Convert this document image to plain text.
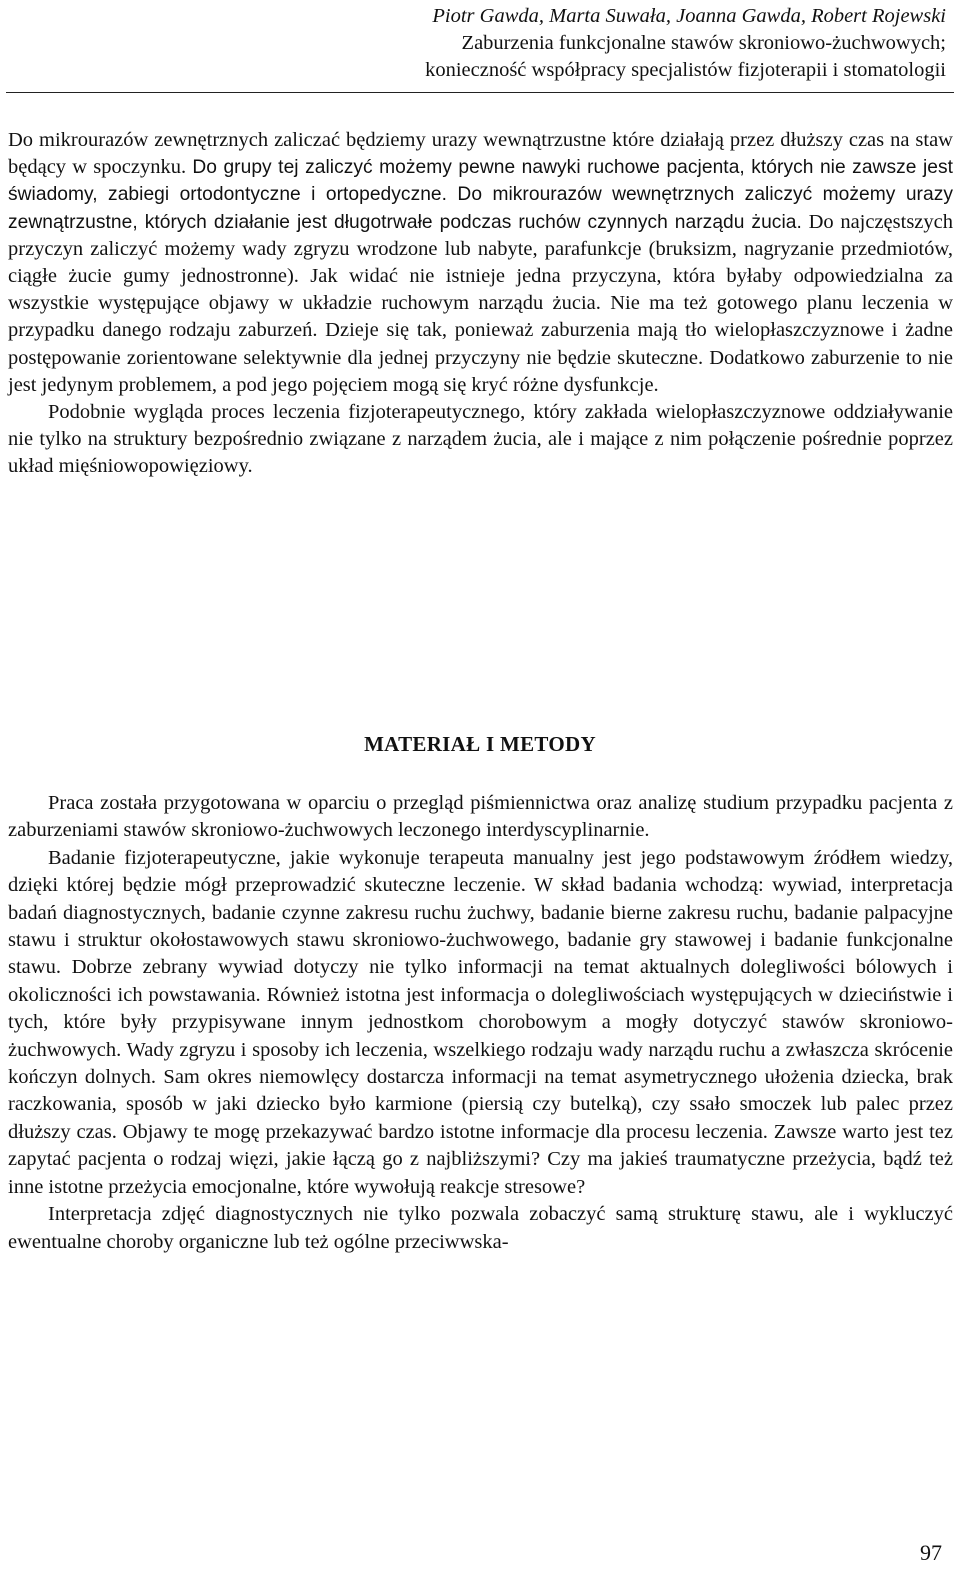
Piotr Gawda, Marta Suwała, Joanna Gawda, Robert Rojewski
Zaburzenia funkcjonalne stawów skroniowo-żuchwowych;
konieczność współpracy specjalistów fizjoterapii i stomatologii

Do mikrourazów zewnętrznych zaliczać będziemy urazy wewnątrzustne które działają przez dłuższy czas na staw będący w spoczynku. Do grupy tej zaliczyć możemy pewne nawyki ruchowe pacjenta, których nie zawsze jest świadomy, zabiegi ortodontyczne i ortopedyczne. Do mikrourazów wewnętrznych zaliczyć możemy urazy zewnątrzustne, których działanie jest długotrwałe podczas ruchów czynnych narządu żucia. Do najczęstszych przyczyn zaliczyć możemy wady zgryzu wrodzone lub nabyte, parafunkcje (bruksizm, nagryzanie przedmiotów, ciągłe żucie gumy jednostronne). Jak widać nie istnieje jedna przyczyna, która byłaby odpowiedzialna za wszystkie występujące objawy w układzie ruchowym narządu żucia. Nie ma też gotowego planu leczenia w przypadku danego rodzaju zaburzeń. Dzieje się tak, ponieważ zaburzenia mają tło wielopłaszczyznowe i żadne postępowanie zorientowane selektywnie dla jednej przyczyny nie będzie skuteczne. Dodatkowo zaburzenie to nie jest jedynym problemem, a pod jego pojęciem mogą się kryć różne dysfunkcje.

Podobnie wygląda proces leczenia fizjoterapeutycznego, który zakłada wielopłaszczyznowe oddziaływanie nie tylko na struktury bezpośrednio związane z narządem żucia, ale i mające z nim połączenie pośrednie poprzez układ mięśniowopowięziowy.

MATERIAŁ I METODY

Praca została przygotowana w oparciu o przegląd piśmiennictwa oraz analizę studium przypadku pacjenta z zaburzeniami stawów skroniowo-żuchwowych leczonego interdyscyplinarnie.

Badanie fizjoterapeutyczne, jakie wykonuje terapeuta manualny jest jego podstawowym źródłem wiedzy, dzięki której będzie mógł przeprowadzić skuteczne leczenie. W skład badania wchodzą: wywiad, interpretacja badań diagnostycznych, badanie czynne zakresu ruchu żuchwy, badanie bierne zakresu ruchu, badanie palpacyjne stawu i struktur okołostawowych stawu skroniowo-żuchwowego, badanie gry stawowej i badanie funkcjonalne stawu. Dobrze zebrany wywiad dotyczy nie tylko informacji na temat aktualnych dolegliwości bólowych i okoliczności ich powstawania. Również istotna jest informacja o dolegliwościach występujących w dzieciństwie i tych, które były przypisywane innym jednostkom chorobowym a mogły dotyczyć stawów skroniowo-żuchwowych. Wady zgryzu i sposoby ich leczenia, wszelkiego rodzaju wady narządu ruchu a zwłaszcza skrócenie kończyn dolnych. Sam okres niemowlęcy dostarcza informacji na temat asymetrycznego ułożenia dziecka, brak raczkowania, sposób w jaki dziecko było karmione (piersią czy butelką), czy ssało smoczek lub palec przez dłuższy czas. Objawy te mogę przekazywać bardzo istotne informacje dla procesu leczenia. Zawsze warto jest tez zapytać pacjenta o rodzaj więzi, jakie łączą go z najbliższymi? Czy ma jakieś traumatyczne przeżycia, bądź też inne istotne przeżycia emocjonalne, które wywołują reakcje stresowe?

Interpretacja zdjęć diagnostycznych nie tylko pozwala zobaczyć samą strukturę stawu, ale i wykluczyć ewentualne choroby organiczne lub też ogólne przeciwwska-

97
